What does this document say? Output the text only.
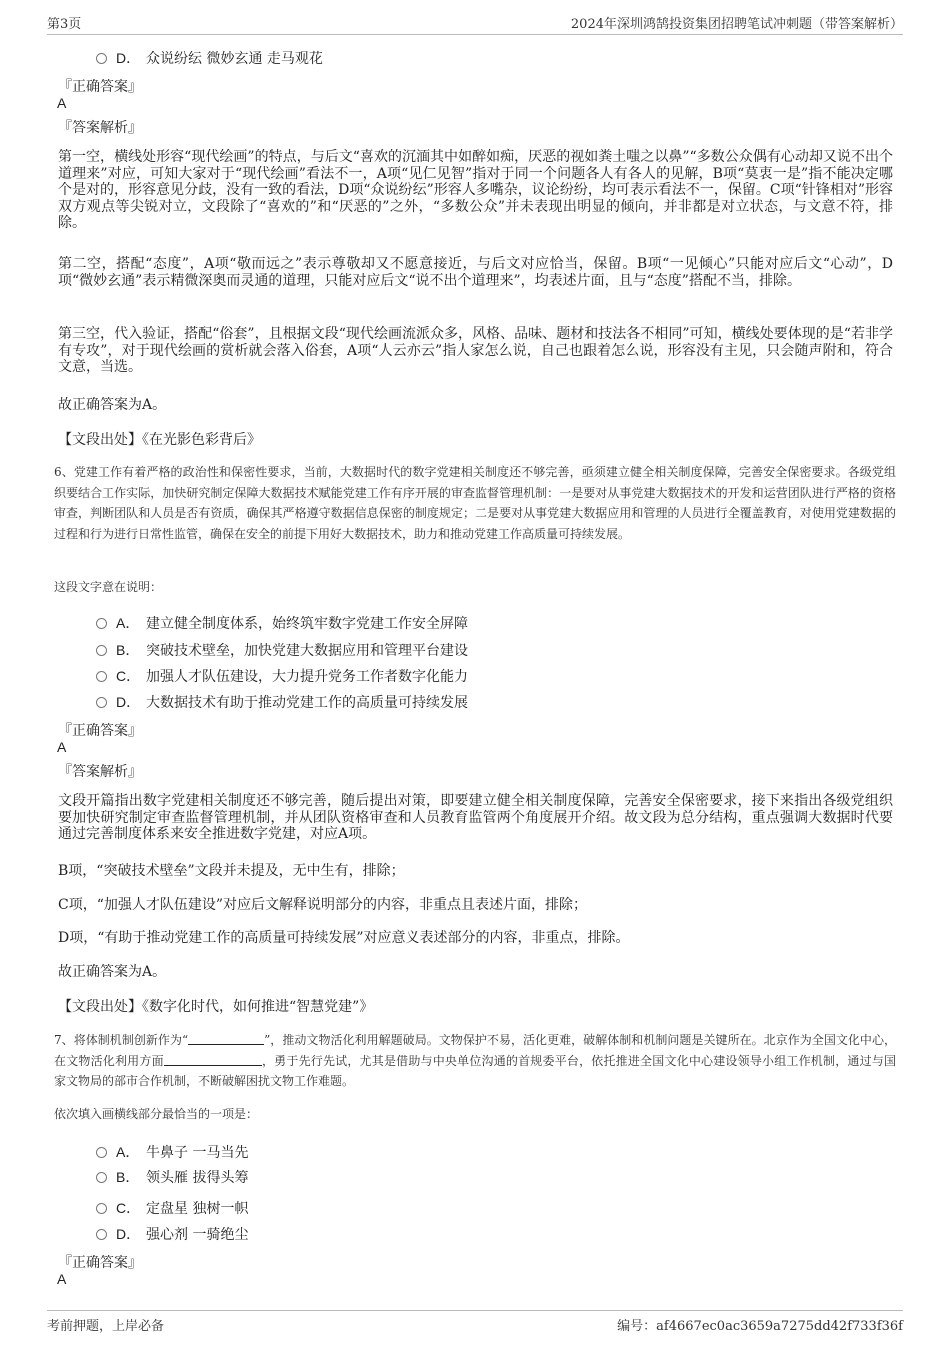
第3页	2024年深圳鸿鹄投资集团招聘笔试冲刺题（带答案解析）
D． 众说纷纭 微妙玄通 走马观花
『正确答案』
A
『答案解析』

第一空，横线处形容“现代绘画”的特点，与后文“喜欢的沉湎其中如醉如痴，厌恶的视如粪土嗤之以鼻”“多数公众偶有心动却又说不出个道理来”对应，可知大家对于“现代绘画”看法不一，A项“见仁见智”指对于同一个问题各人有各人的见解，B项“莫衷一是”指不能决定哪个是对的，形容意见分歧，没有一致的看法，D项“众说纷纭”形容人多嘴杂，议论纷纷，均可表示看法不一，保留。C项“针锋相对”形容双方观点等尖锐对立，文段除了“喜欢的”和“厌恶的”之外，“多数公众”并未表现出明显的倾向，并非都是对立状态，与文意不符，排除。

第二空，搭配“态度”，A项“敬而远之”表示尊敬却又不愿意接近，与后文对应恰当，保留。B项“一见倾心”只能对应后文“心动”，D项“微妙玄通”表示精微深奥而灵通的道理，只能对应后文“说不出个道理来”，均表述片面，且与“态度”搭配不当，排除。

第三空，代入验证，搭配“俗套”，且根据文段“现代绘画流派众多，风格、品味、题材和技法各不相同”可知，横线处要体现的是“若非学有专攻”，对于现代绘画的赏析就会落入俗套，A项“人云亦云”指人家怎么说，自己也跟着怎么说，形容没有主见，只会随声附和，符合文意，当选。

故正确答案为A。

【文段出处】《在光影色彩背后》

6、党建工作有着严格的政治性和保密性要求，当前，大数据时代的数字党建相关制度还不够完善，亟须建立健全相关制度保障，完善安全保密要求。各级党组织要结合工作实际，加快研究制定保障大数据技术赋能党建工作有序开展的审查监督管理机制：一是要对从事党建大数据技术的开发和运营团队进行严格的资格审查，判断团队和人员是否有资质，确保其严格遵守数据信息保密的制度规定；二是要对从事党建大数据应用和管理的人员进行全覆盖教育，对使用党建数据的过程和行为进行日常性监管，确保在安全的前提下用好大数据技术，助力和推动党建工作高质量可持续发展。

这段文字意在说明：
A． 建立健全制度体系，始终筑牢数字党建工作安全屏障
B． 突破技术壁垒，加快党建大数据应用和管理平台建设
C． 加强人才队伍建设，大力提升党务工作者数字化能力
D． 大数据技术有助于推动党建工作的高质量可持续发展
『正确答案』
A
『答案解析』

文段开篇指出数字党建相关制度还不够完善，随后提出对策，即要建立健全相关制度保障，完善安全保密要求，接下来指出各级党组织要加快研究制定审查监督管理机制，并从团队资格审查和人员教育监管两个角度展开介绍。故文段为总分结构，重点强调大数据时代要通过完善制度体系来安全推进数字党建，对应A项。

B项，“突破技术壁垒”文段并未提及，无中生有，排除；

C项，“加强人才队伍建设”对应后文解释说明部分的内容，非重点且表述片面，排除；

D项，“有助于推动党建工作的高质量可持续发展”对应意义表述部分的内容，非重点，排除。

故正确答案为A。

【文段出处】《数字化时代，如何推进“智慧党建”》

7、将体制机制创新作为“	”，推动文物活化利用解题破局。文物保护不易，活化更难，破解体制和机制问题是关键所在。北京作为全国文化中心，在文物活化利用方面	，勇于先行先试，尤其是借助与中央单位沟通的首规委平台，依托推进全国文化中心建设领导小组工作机制，通过与国家文物局的部市合作机制，不断破解困扰文物工作难题。

依次填入画横线部分最恰当的一项是：
A． 牛鼻子 一马当先
B． 领头雁 拔得头筹
C． 定盘星 独树一帜
D． 强心剂 一骑绝尘
『正确答案』
A
考前押题，上岸必备	编号：af4667ec0ac3659a7275dd42f733f36f
